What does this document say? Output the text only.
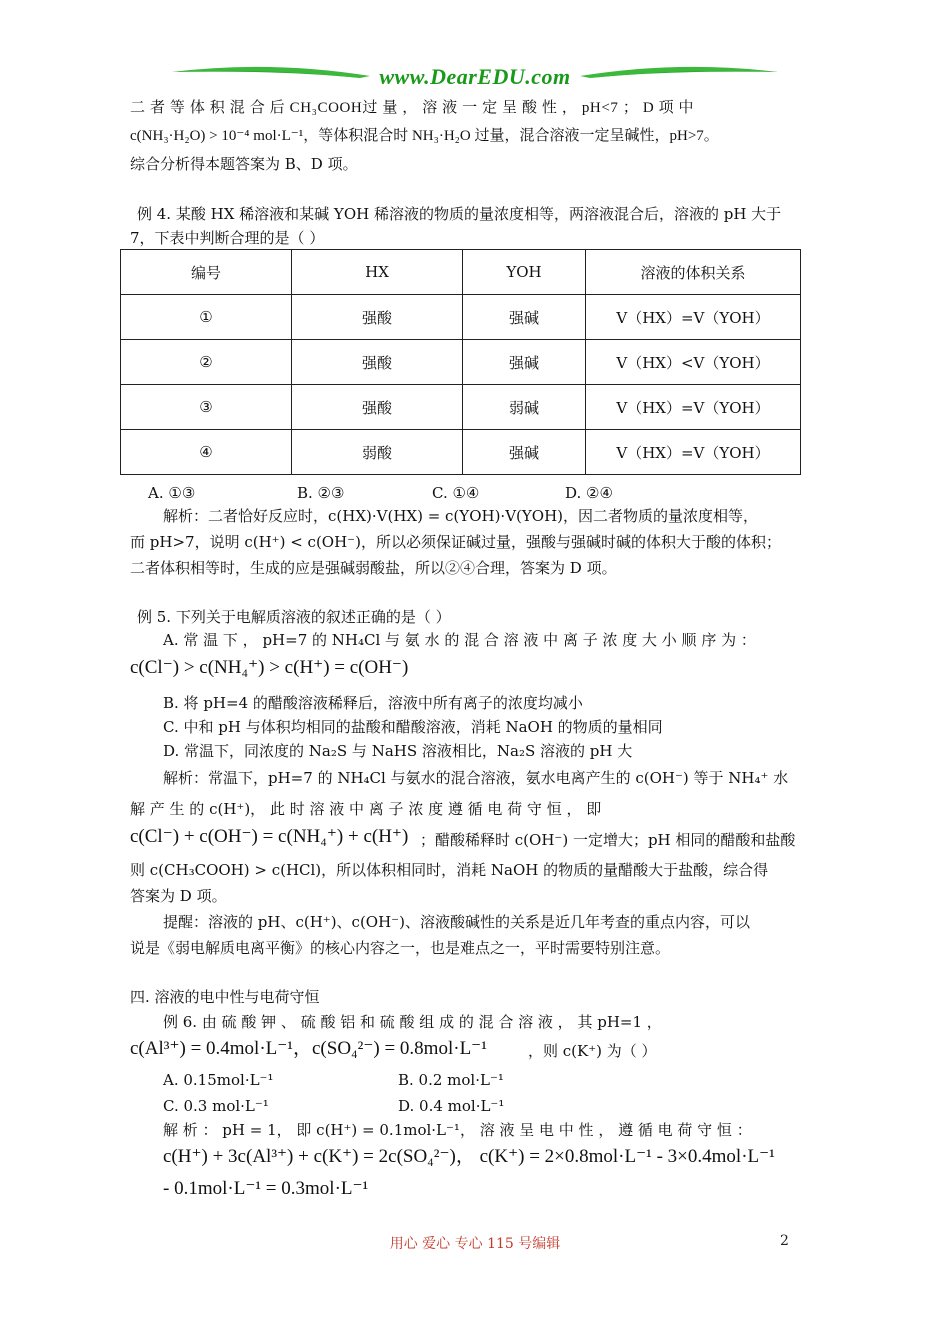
www.DearEDU.com
二 者 等 体 积 混 合 后 CH₃COOH过 量 ， 溶 液 一 定 呈 酸 性 ， pH<7 ； D 项 中
c(NH₃·H₂O) > 10⁻⁴ mol·L⁻¹，等体积混合时 NH₃·H₂O 过量，混合溶液一定呈碱性，pH>7。
综合分析得本题答案为 B、D 项。
例 4. 某酸 HX 稀溶液和某碱 YOH 稀溶液的物质的量浓度相等，两溶液混合后，溶液的 pH 大于
7，下表中判断合理的是（ ）
编号	HX	YOH	溶液的体积关系
①	强酸	强碱	V（HX）=V（YOH）
②	强酸	强碱	V（HX）<V（YOH）
③	强酸	弱碱	V（HX）=V（YOH）
④	弱酸	强碱	V（HX）=V（YOH）
A. ①③	B. ②③	C. ①④	D. ②④
解析：二者恰好反应时，c(HX)·V(HX) = c(YOH)·V(YOH)，因二者物质的量浓度相等，
而 pH>7，说明 c(H⁺) < c(OH⁻)，所以必须保证碱过量，强酸与强碱时碱的体积大于酸的体积；
二者体积相等时，生成的应是强碱弱酸盐，所以②④合理，答案为 D 项。
例 5. 下列关于电解质溶液的叙述正确的是（ ）
A. 常 温 下 ， pH=7 的 NH₄Cl 与 氨 水 的 混 合 溶 液 中 离 子 浓 度 大 小 顺 序 为 ：
c(Cl⁻) > c(NH₄⁺) > c(H⁺) = c(OH⁻)
B. 将 pH=4 的醋酸溶液稀释后，溶液中所有离子的浓度均减小
C. 中和 pH 与体积均相同的盐酸和醋酸溶液，消耗 NaOH 的物质的量相同
D. 常温下，同浓度的 Na₂S 与 NaHS 溶液相比，Na₂S 溶液的 pH 大
解析：常温下，pH=7 的 NH₄Cl 与氨水的混合溶液，氨水电离产生的 c(OH⁻) 等于 NH₄⁺ 水
解 产 生 的 c(H⁺)， 此 时 溶 液 中 离 子 浓 度 遵 循 电 荷 守 恒 ， 即
c(Cl⁻) + c(OH⁻) = c(NH₄⁺) + c(H⁺) ；醋酸稀释时 c(OH⁻) 一定增大；pH 相同的醋酸和盐酸
则 c(CH₃COOH) > c(HCl)，所以体积相同时，消耗 NaOH 的物质的量醋酸大于盐酸，综合得
答案为 D 项。
提醒：溶液的 pH、c(H⁺)、c(OH⁻)、溶液酸碱性的关系是近几年考查的重点内容，可以
说是《弱电解质电离平衡》的核心内容之一，也是难点之一，平时需要特别注意。
四. 溶液的电中性与电荷守恒
例 6. 由 硫 酸 钾 、 硫 酸 铝 和 硫 酸 组 成 的 混 合 溶 液 ， 其 pH=1 ，
c(Al³⁺) = 0.4mol·L⁻¹，c(SO₄²⁻) = 0.8mol·L⁻¹	，则 c(K⁺) 为（ ）
A. 0.15mol·L⁻¹	B. 0.2 mol·L⁻¹
C. 0.3 mol·L⁻¹	D. 0.4 mol·L⁻¹
解 析 ： pH = 1， 即 c(H⁺) = 0.1mol·L⁻¹， 溶 液 呈 电 中 性 ， 遵 循 电 荷 守 恒 ：
c(H⁺) + 3c(Al³⁺) + c(K⁺) = 2c(SO₄²⁻)， c(K⁺) = 2×0.8mol·L⁻¹ - 3×0.4mol·L⁻¹
- 0.1mol·L⁻¹ = 0.3mol·L⁻¹
用心 爱心 专心 115 号编辑	2
